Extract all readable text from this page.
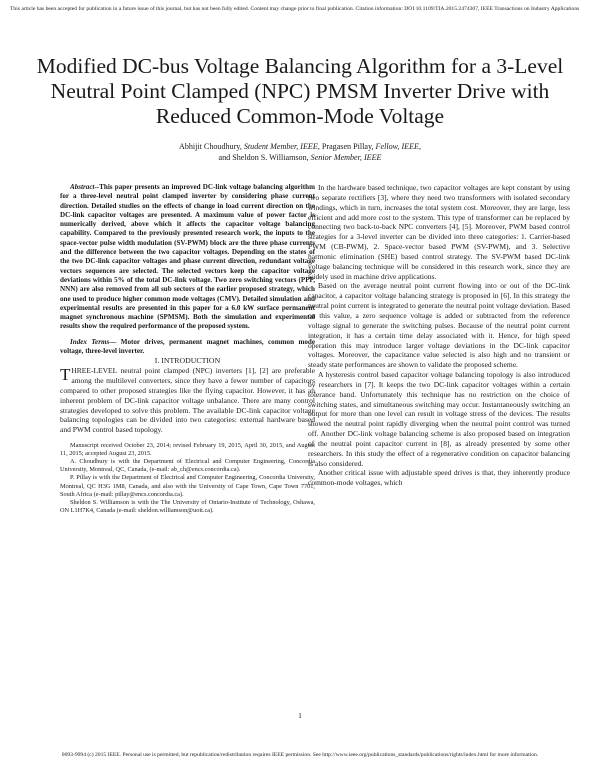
This article has been accepted for publication in a future issue of this journal, but has not been fully edited. Content may change prior to final publication. Citation information: DOI 10.1109/TIA.2015.2474307, IEEE Transactions on Industry Applications
Modified DC-bus Voltage Balancing Algorithm for a 3-Level Neutral Point Clamped (NPC) PMSM Inverter Drive with Reduced Common-Mode Voltage
Abhijit Choudhury, Student Member, IEEE, Pragasen Pillay, Fellow, IEEE,
and Sheldon S. Williamson, Senior Member, IEEE

Abstract--This paper presents an improved DC-link voltage balancing algorithm for a three-level neutral point clamped inverter by considering phase current direction. Detailed studies on the effects of change in load current direction on the DC-link capacitor voltages are presented. A maximum value of power factor is numerically derived, above which it affects the capacitor voltage balancing capability. Compared to the previously presented research work, the inputs to the space-vector pulse width modulation (SV-PWM) block are the three phase currents and the difference between the two capacitor voltages. Depending on the states of the two DC-link capacitor voltages and phase current direction, redundant voltage vectors sequences are selected. The selected vectors keep the capacitor voltage deviations within 5% of the total DC-link voltage. Two zero switching vectors (PPP, NNN) are also removed from all sub sectors of the earlier proposed strategy, which one used to produce higher common mode voltages (CMV). Detailed simulation and experimental results are presented in this paper for a 6.0 kW surface permanent magnet synchronous machine (SPMSM). Both the simulation and experimental results show the required performance of the proposed system.

Index Terms— Motor drives, permanent magnet machines, common mode voltage, three-level inverter.

I. INTRODUCTION

THREE-LEVEL neutral point clamped (NPC) inverters [1], [2] are preferable among the multilevel converters, since they have a fewer number of capacitors compared to other proposed strategies like the flying capacitor. However, it has an inherent problem of DC-link capacitor voltage unbalance. There are many control strategies developed to solve this problem. The available DC-link capacitor voltage balancing topologies can be divided into two categories: external hardware based and PWM control based topology.

Manuscript received October 23, 2014; revised February 19, 2015, April 30, 2015, and August 11, 2015; accepted August 23, 2015.

A. Choudhury is with the Department of Electrical and Computer Engineering, Concordia University, Montreal, QC, Canada, (e-mail: ab_ch@encs.concordia.ca).

P. Pillay is with the Department of Electrical and Computer Engineering, Concordia University, Montreal, QC H3G 1M8, Canada, and also with the University of Cape Town, Cape Town 7701, South Africa (e-mail: pillay@encs.concordia.ca).

Sheldon S. Williamson is with the The University of Ontario-Institute of Technology, Oshawa, ON L1H7K4, Canada (e-mail: sheldon.williamson@uoit.ca).

In the hardware based technique, two capacitor voltages are kept constant by using two separate rectifiers [3], where they need two transformers with isolated secondary windings, which in turn, increases the total system cost. Moreover, they are large, less efficient and add more cost to the system. This type of transformer can be replaced by connecting two back-to-back NPC converters [4], [5]. Moreover, PWM based control strategies for a 3-level inverter can be divided into three categories: 1. Carrier-based PWM (CB-PWM), 2. Space-vector based PWM (SV-PWM), and 3. Selective harmonic elimination (SHE) based control strategy. The SV-PWM based DC-link voltage balancing technique will be considered in this research work, since they are widely used in machine drive applications.

Based on the average neutral point current flowing into or out of the DC-link capacitor, a capacitor voltage balancing strategy is proposed in [6]. In this strategy the neutral point current is integrated to generate the neutral point voltage deviation. Based on this value, a zero sequence voltage is added or subtracted from the reference voltage signal to generate the switching pulses. Because of the neutral point current integration, it has a certain time delay associated with it. Hence, for high speed operation this may introduce larger voltage deviations in the DC-link capacitor voltages. Moreover, the capacitance value selected is also high and no transient or steady state performances are shown to validate the proposed scheme.

A hysteresis control based capacitor voltage balancing topology is also introduced by researchers in [7]. It keeps the two DC-link capacitor voltages within a certain tolerance band. Unfortunately this technique has no restriction on the choice of switching states, and simultaneous switching may occur. Instantaneously switching an output for more than one level can result in voltage stress of the devices. The results showed the neutral point rapidly diverging when the neutral point control was turned off. Another DC-link voltage balancing scheme is also proposed based on integration of the neutral point capacitor current in [8], as already presented by some other researchers. In this study the effect of a regenerative condition on capacitor balancing is also considered.

Another critical issue with adjustable speed drives is that, they inherently produce common-mode voltages, which

1
0093-9994 (c) 2015 IEEE. Personal use is permitted, but republication/redistribution requires IEEE permission. See http://www.ieee.org/publications_standards/publications/rights/index.html for more information.
